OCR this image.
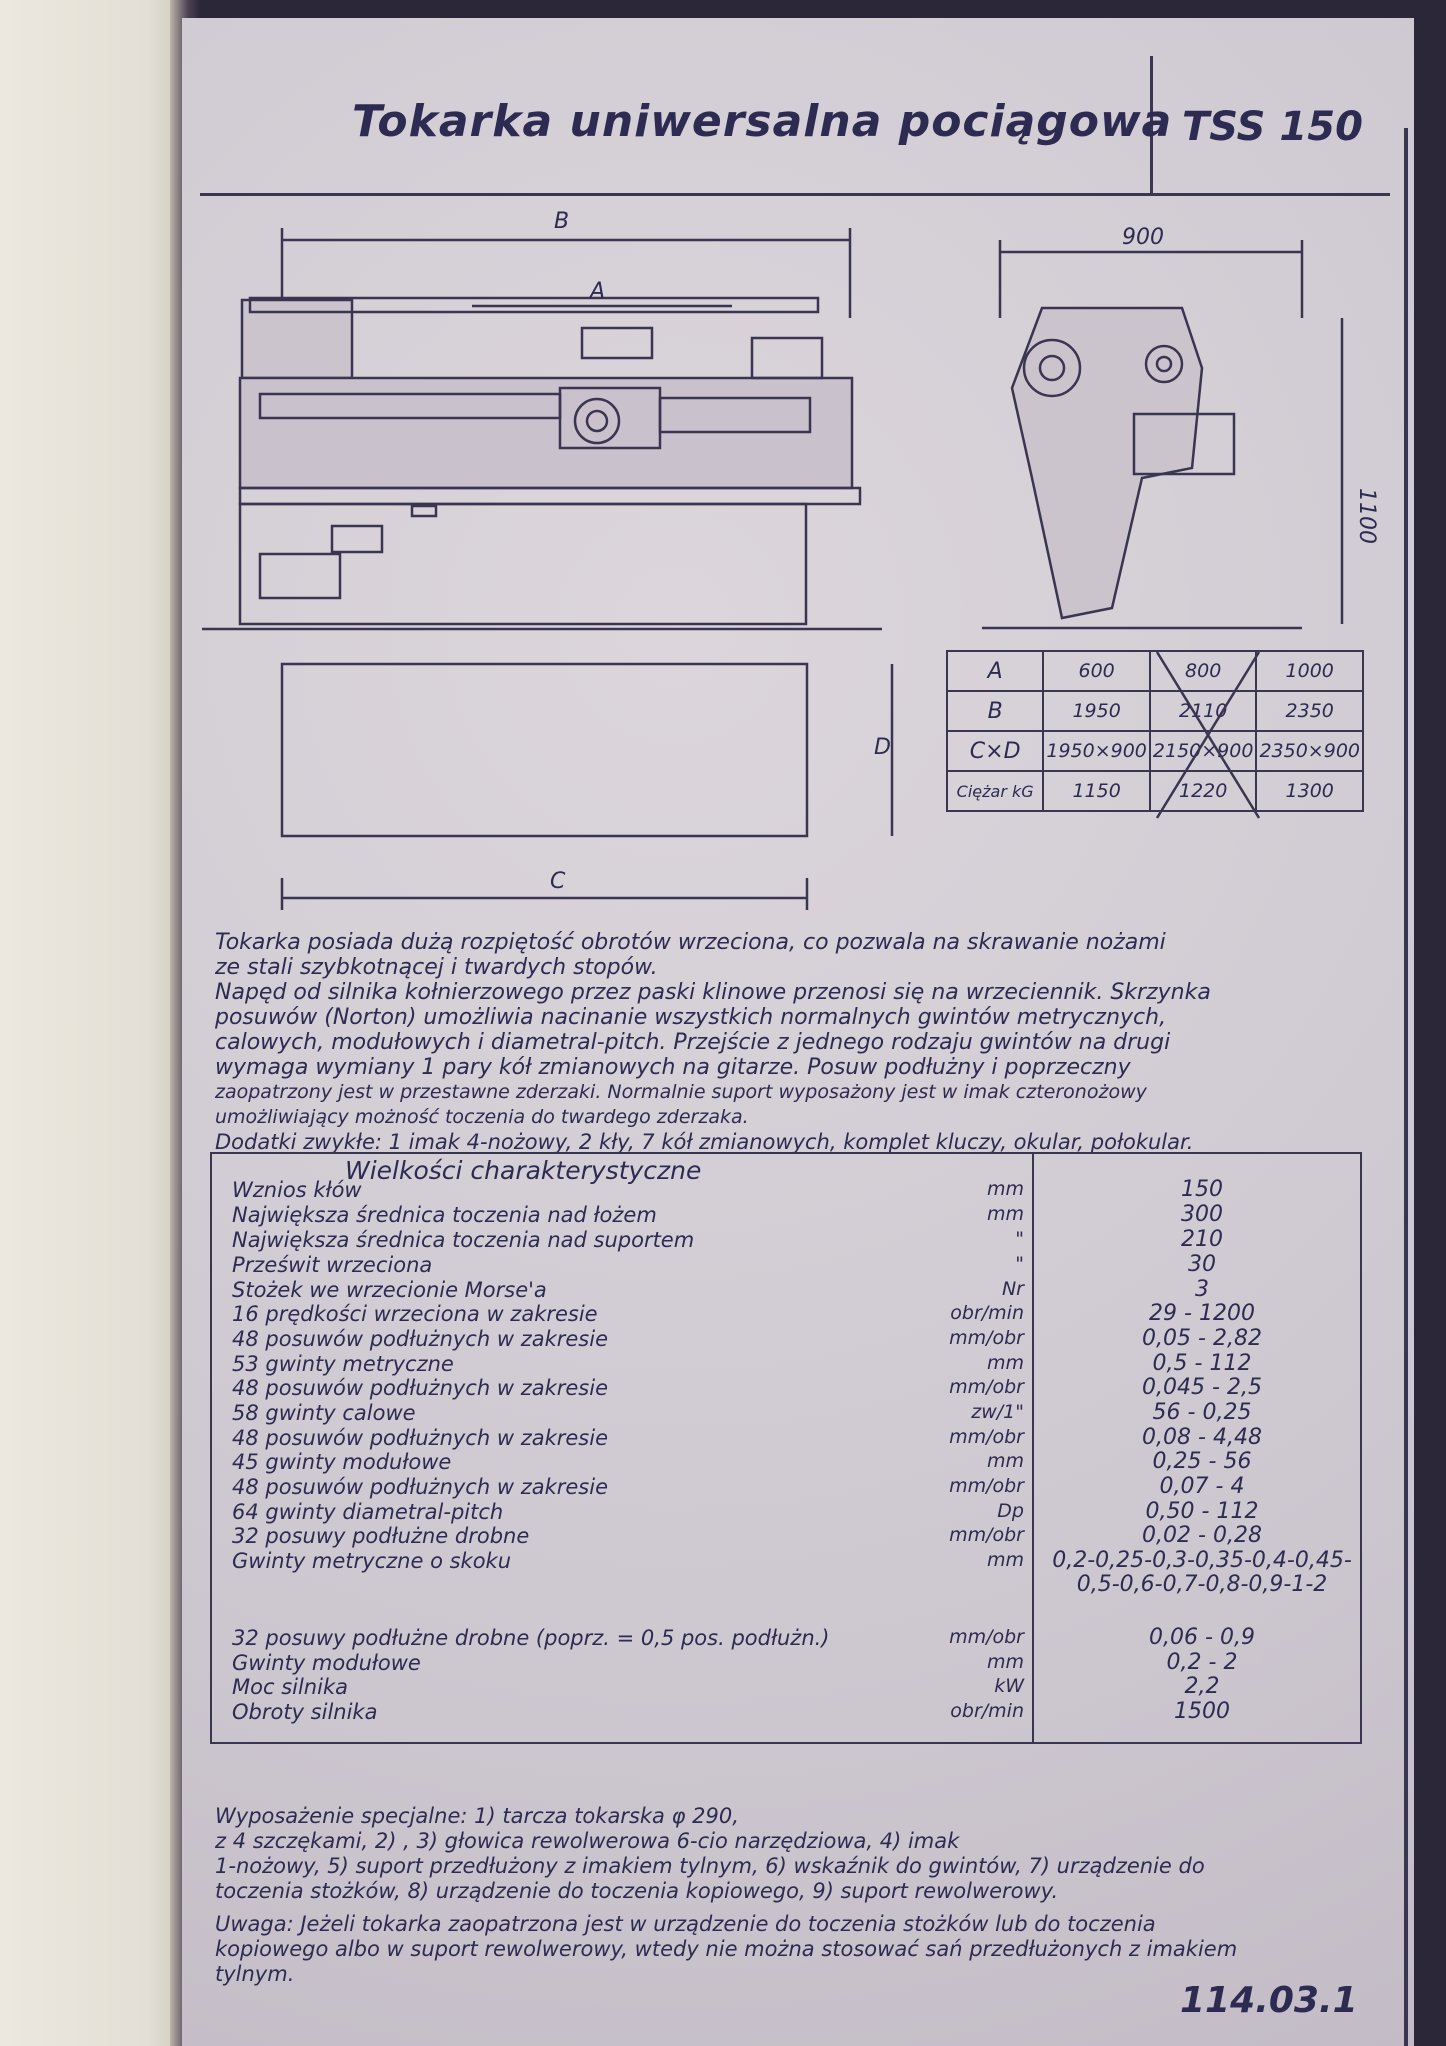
Tokarka uniwersalna pociągowa TSS 150
B
A
900
1100
D
C
A	600	800	1000
B	1950	2110	2350
C×D	1950×900	2150×900	2350×900
Ciężar kG	1150	1220	1300
Tokarka posiada dużą rozpiętość obrotów wrzeciona, co pozwala na skrawanie nożami
ze stali szybkotnącej i twardych stopów.
Napęd od silnika kołnierzowego przez paski klinowe przenosi się na wrzeciennik. Skrzynka
posuwów (Norton) umożliwia nacinanie wszystkich normalnych gwintów metrycznych,
calowych, modułowych i diametral-pitch. Przejście z jednego rodzaju gwintów na drugi
wymaga wymiany 1 pary kół zmianowych na gitarze. Posuw podłużny i poprzeczny
zaopatrzony jest w przestawne zderzaki. Normalnie suport wyposażony jest w imak czteronożowy
umożliwiający możność toczenia do twardego zderzaka.
Dodatki zwykłe: 1 imak 4-nożowy, 2 kły, 7 kół zmianowych, komplet kluczy, okular, połokular.
Wielkości charakterystyczne
Wznios kłów	mm	150
Największa średnica toczenia nad łożem	mm	300
Największa średnica toczenia nad suportem	"	210
Prześwit wrzeciona	"	30
Stożek we wrzecionie Morse'a	Nr	3
16 prędkości wrzeciona w zakresie	obr/min	29 - 1200
48 posuwów podłużnych w zakresie	mm/obr	0,05 - 2,82
53 gwinty metryczne	mm	0,5 - 112
48 posuwów podłużnych w zakresie	mm/obr	0,045 - 2,5
58 gwinty calowe	zw/1"	56 - 0,25
48 posuwów podłużnych w zakresie	mm/obr	0,08 - 4,48
45 gwinty modułowe	mm	0,25 - 56
48 posuwów podłużnych w zakresie	mm/obr	0,07 - 4
64 gwinty diametral-pitch	Dp	0,50 - 112
32 posuwy podłużne drobne	mm/obr	0,02 - 0,28
Gwinty metryczne o skoku	mm 0,2-0,25-0,3-0,35-0,4-0,45-0,5-0,6-0,7-0,8-0,9-1-2
32 posuwy podłużne drobne (poprz. = 0,5 pos. podłużn.)	mm/obr	0,06 - 0,9
Gwinty modułowe	mm	0,2 - 2
Moc silnika	kW	2,2
Obroty silnika	obr/min	1500
Wyposażenie specjalne: 1) tarcza tokarska φ 290,
z 4 szczękami, 2) , 3) głowica rewolwerowa 6-cio narzędziowa, 4) imak
1-nożowy, 5) suport przedłużony z imakiem tylnym, 6) wskaźnik do gwintów, 7) urządzenie do
toczenia stożków, 8) urządzenie do toczenia kopiowego, 9) suport rewolwerowy.
Uwaga: Jeżeli tokarka zaopatrzona jest w urządzenie do toczenia stożków lub do toczenia
kopiowego albo w suport rewolwerowy, wtedy nie można stosować sań przedłużonych z imakiem
tylnym.
114.03.1
